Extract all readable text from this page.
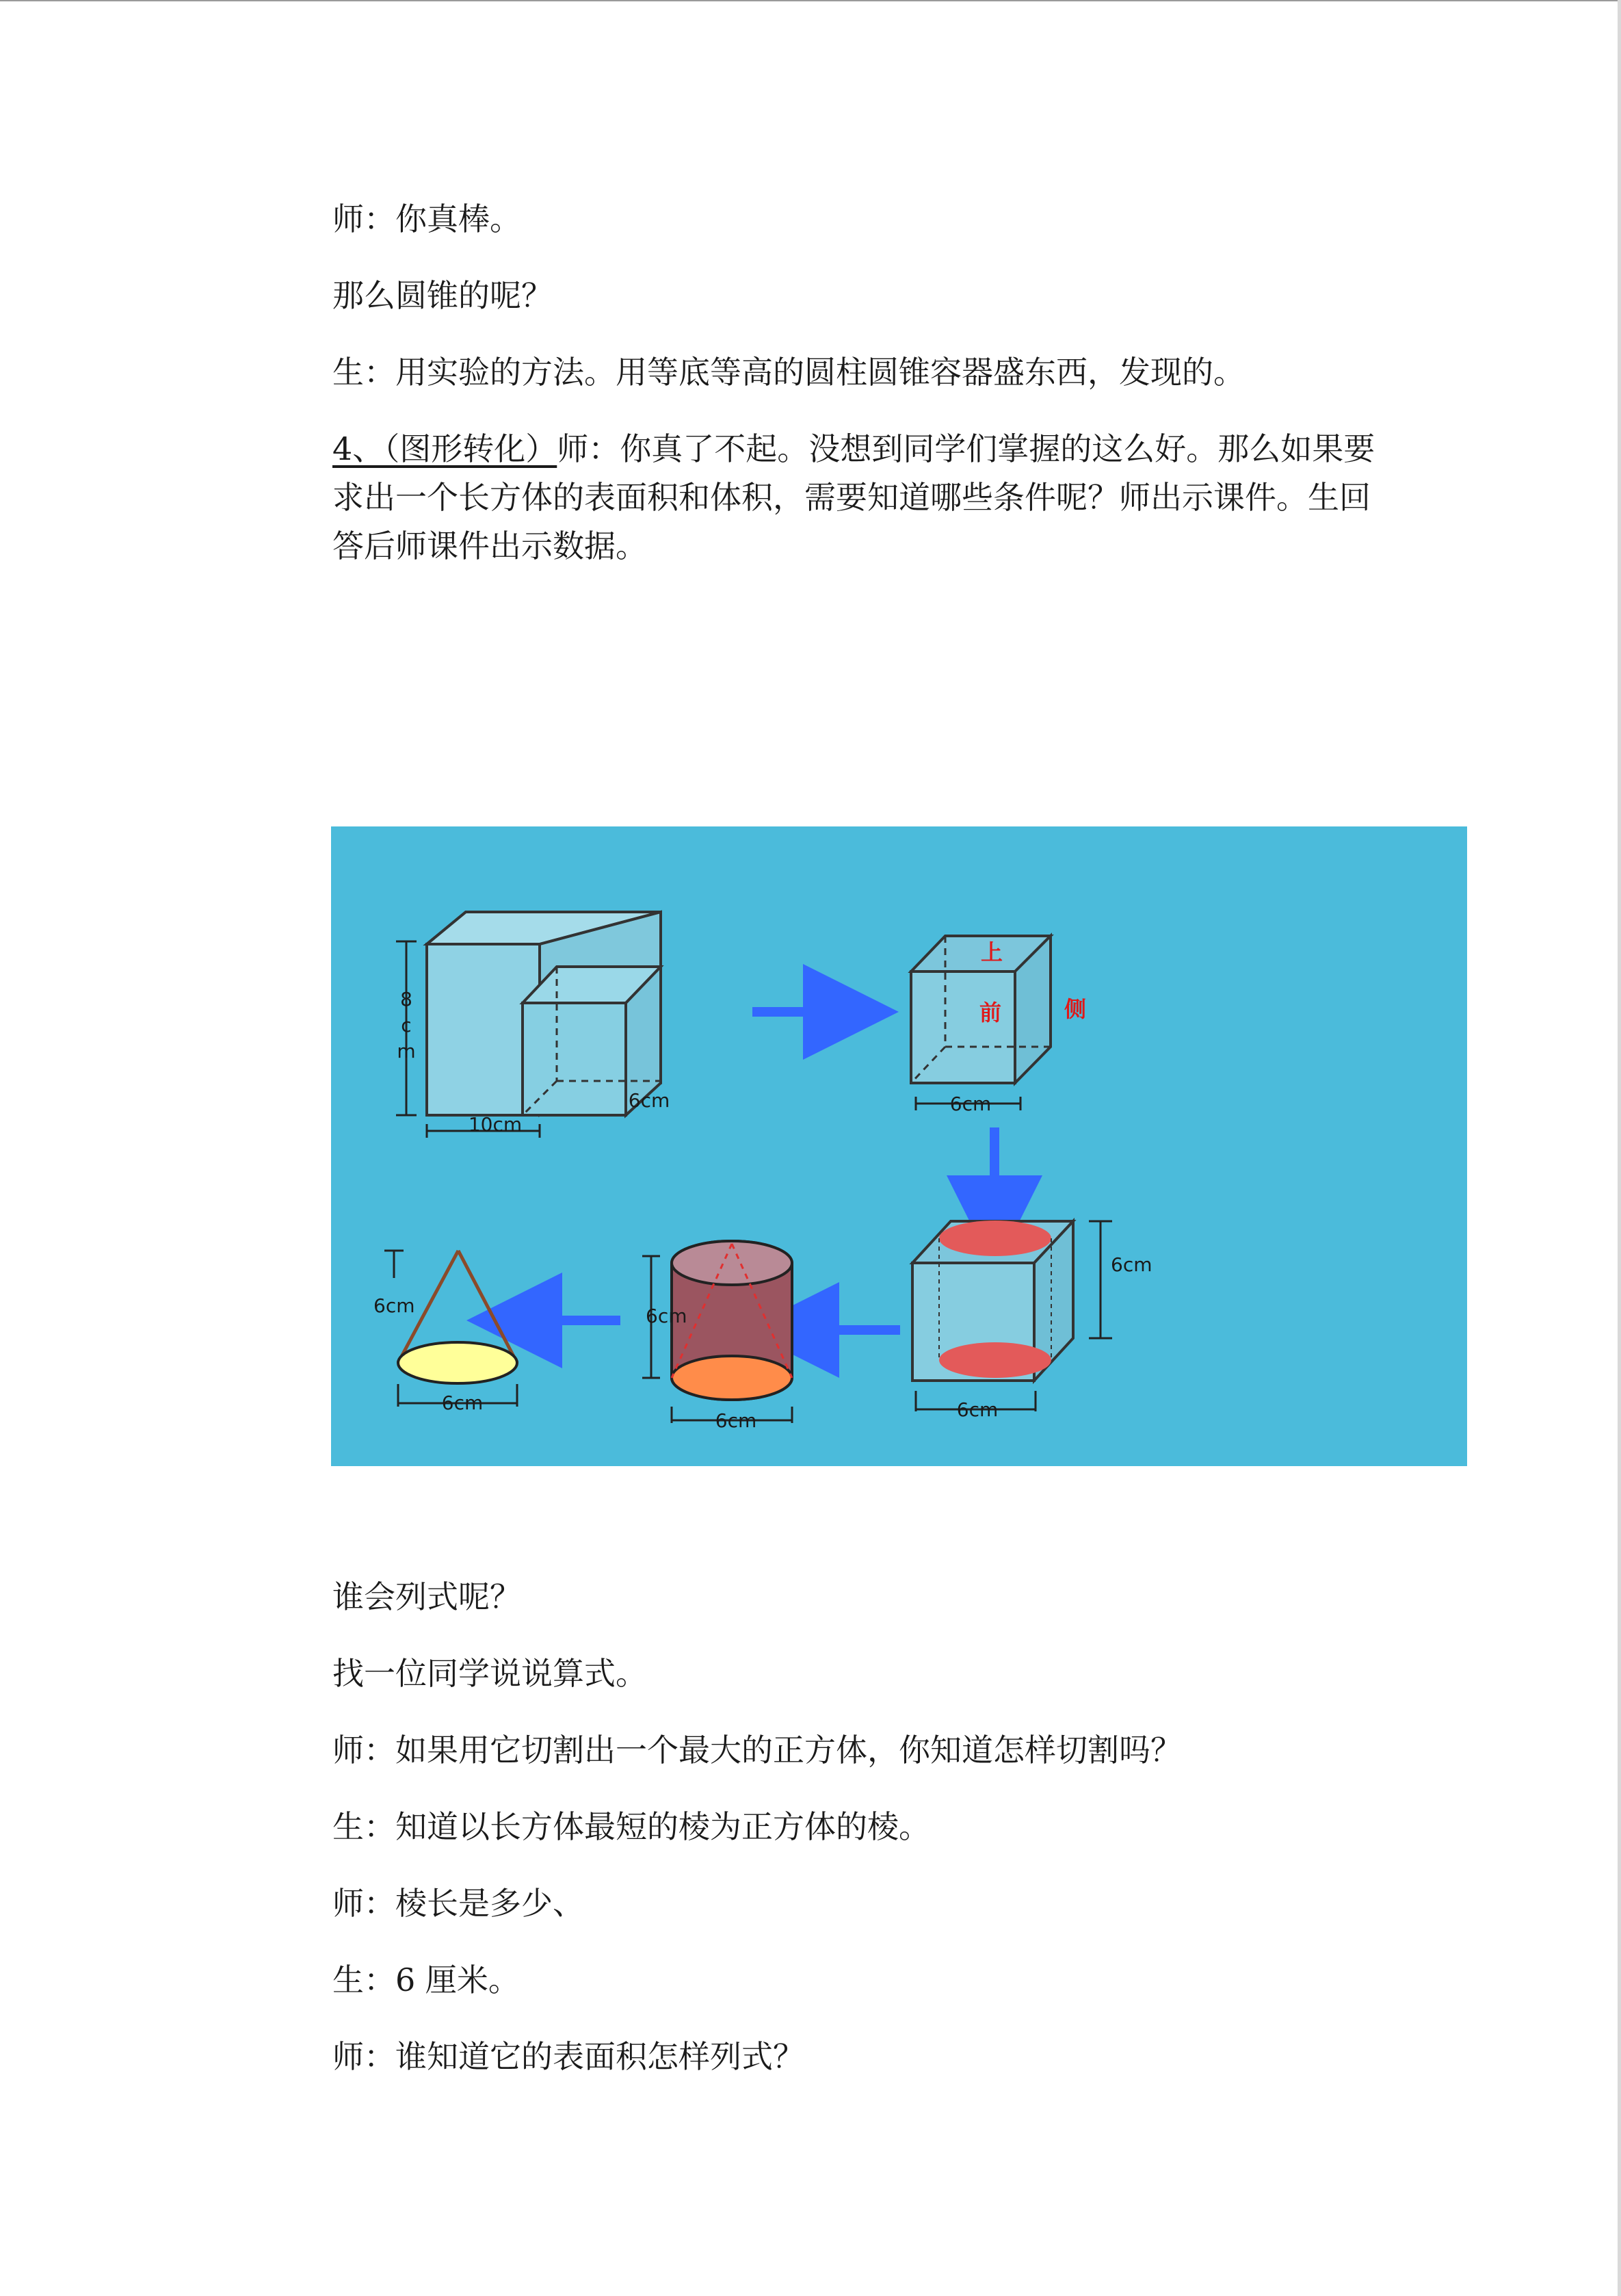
师：你真棒。

那么圆锥的呢？

生：用实验的方法。用等底等高的圆柱圆锥容器盛东西，发现的。

4、（图形转化）师：你真了不起。没想到同学们掌握的这么好。那么如果要

求出一个长方体的表面积和体积，需要知道哪些条件呢？师出示课件。生回

答后师课件出示数据。

8
c
m
10cm
6cm
上
前	侧
6cm
6cm
6cm
6cm
6cm
6cm
6cm

谁会列式呢？

找一位同学说说算式。

师：如果用它切割出一个最大的正方体，你知道怎样切割吗？

生：知道以长方体最短的棱为正方体的棱。

师：棱长是多少、

生：6 厘米。

师：谁知道它的表面积怎样列式？
